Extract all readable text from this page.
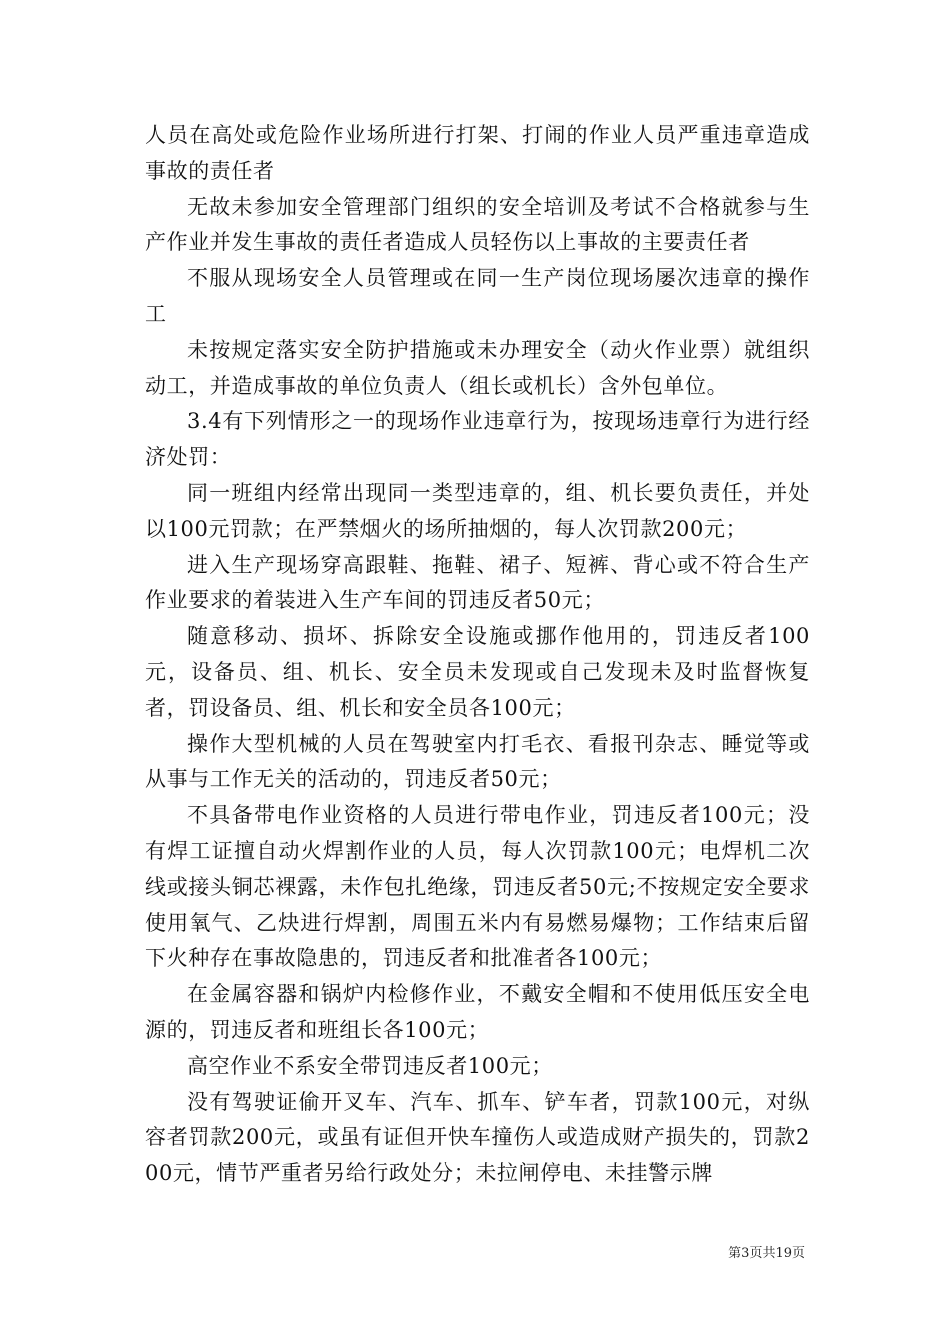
人员在高处或危险作业场所进行打架、打闹的作业人员严重违章造成事故的责任者

无故未参加安全管理部门组织的安全培训及考试不合格就参与生产作业并发生事故的责任者造成人员轻伤以上事故的主要责任者

不服从现场安全人员管理或在同一生产岗位现场屡次违章的操作工

未按规定落实安全防护措施或未办理安全（动火作业票）就组织动工，并造成事故的单位负责人（组长或机长）含外包单位。

3.4有下列情形之一的现场作业违章行为，按现场违章行为进行经济处罚：

同一班组内经常出现同一类型违章的，组、机长要负责任，并处以100元罚款；在严禁烟火的场所抽烟的，每人次罚款200元；

进入生产现场穿高跟鞋、拖鞋、裙子、短裤、背心或不符合生产作业要求的着装进入生产车间的罚违反者50元；

随意移动、损坏、拆除安全设施或挪作他用的，罚违反者100元，设备员、组、机长、安全员未发现或自己发现未及时监督恢复者，罚设备员、组、机长和安全员各100元；

操作大型机械的人员在驾驶室内打毛衣、看报刊杂志、睡觉等或从事与工作无关的活动的，罚违反者50元；

不具备带电作业资格的人员进行带电作业，罚违反者100元；没有焊工证擅自动火焊割作业的人员，每人次罚款100元；电焊机二次线或接头铜芯裸露，未作包扎绝缘，罚违反者50元;不按规定安全要求使用氧气、乙炔进行焊割，周围五米内有易燃易爆物；工作结束后留下火种存在事故隐患的，罚违反者和批准者各100元；

在金属容器和锅炉内检修作业，不戴安全帽和不使用低压安全电源的，罚违反者和班组长各100元；

高空作业不系安全带罚违反者100元；

没有驾驶证偷开叉车、汽车、抓车、铲车者，罚款100元，对纵容者罚款200元，或虽有证但开快车撞伤人或造成财产损失的，罚款200元，情节严重者另给行政处分；未拉闸停电、未挂警示牌

第3页共19页
